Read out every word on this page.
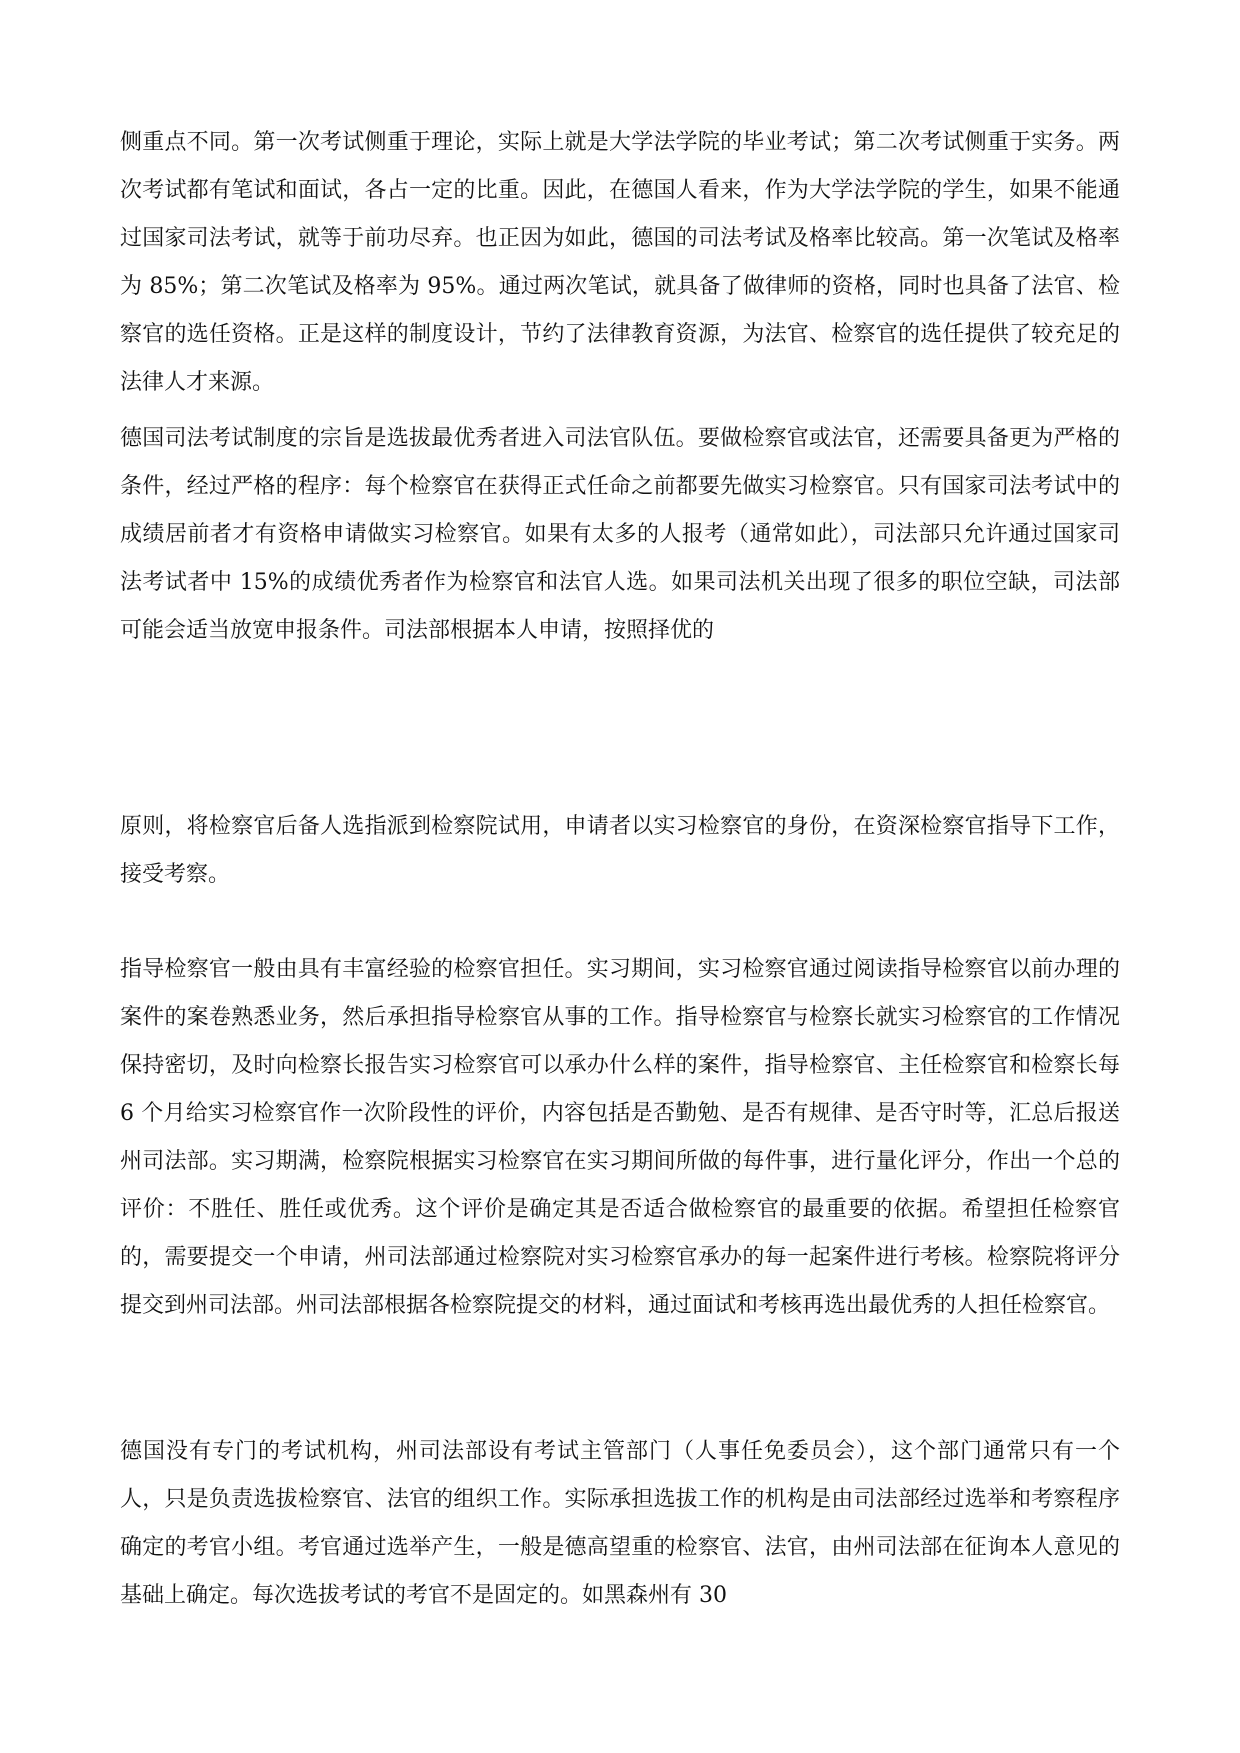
侧重点不同。第一次考试侧重于理论，实际上就是大学法学院的毕业考试；第二次考试侧重于实务。两次考试都有笔试和面试，各占一定的比重。因此，在德国人看来，作为大学法学院的学生，如果不能通过国家司法考试，就等于前功尽弃。也正因为如此，德国的司法考试及格率比较高。第一次笔试及格率为 85%；第二次笔试及格率为 95%。通过两次笔试，就具备了做律师的资格，同时也具备了法官、检察官的选任资格。正是这样的制度设计，节约了法律教育资源，为法官、检察官的选任提供了较充足的法律人才来源。

德国司法考试制度的宗旨是选拔最优秀者进入司法官队伍。要做检察官或法官，还需要具备更为严格的条件，经过严格的程序：每个检察官在获得正式任命之前都要先做实习检察官。只有国家司法考试中的成绩居前者才有资格申请做实习检察官。如果有太多的人报考（通常如此），司法部只允许通过国家司法考试者中 15%的成绩优秀者作为检察官和法官人选。如果司法机关出现了很多的职位空缺，司法部可能会适当放宽申报条件。司法部根据本人申请，按照择优的

原则，将检察官后备人选指派到检察院试用，申请者以实习检察官的身份，在资深检察官指导下工作，接受考察。

指导检察官一般由具有丰富经验的检察官担任。实习期间，实习检察官通过阅读指导检察官以前办理的案件的案卷熟悉业务，然后承担指导检察官从事的工作。指导检察官与检察长就实习检察官的工作情况保持密切，及时向检察长报告实习检察官可以承办什么样的案件，指导检察官、主任检察官和检察长每 6 个月给实习检察官作一次阶段性的评价，内容包括是否勤勉、是否有规律、是否守时等，汇总后报送州司法部。实习期满，检察院根据实习检察官在实习期间所做的每件事，进行量化评分，作出一个总的评价：不胜任、胜任或优秀。这个评价是确定其是否适合做检察官的最重要的依据。希望担任检察官的，需要提交一个申请，州司法部通过检察院对实习检察官承办的每一起案件进行考核。检察院将评分提交到州司法部。州司法部根据各检察院提交的材料，通过面试和考核再选出最优秀的人担任检察官。

德国没有专门的考试机构，州司法部设有考试主管部门（人事任免委员会），这个部门通常只有一个人，只是负责选拔检察官、法官的组织工作。实际承担选拔工作的机构是由司法部经过选举和考察程序确定的考官小组。考官通过选举产生，一般是德高望重的检察官、法官，由州司法部在征询本人意见的基础上确定。每次选拔考试的考官不是固定的。如黑森州有 30
